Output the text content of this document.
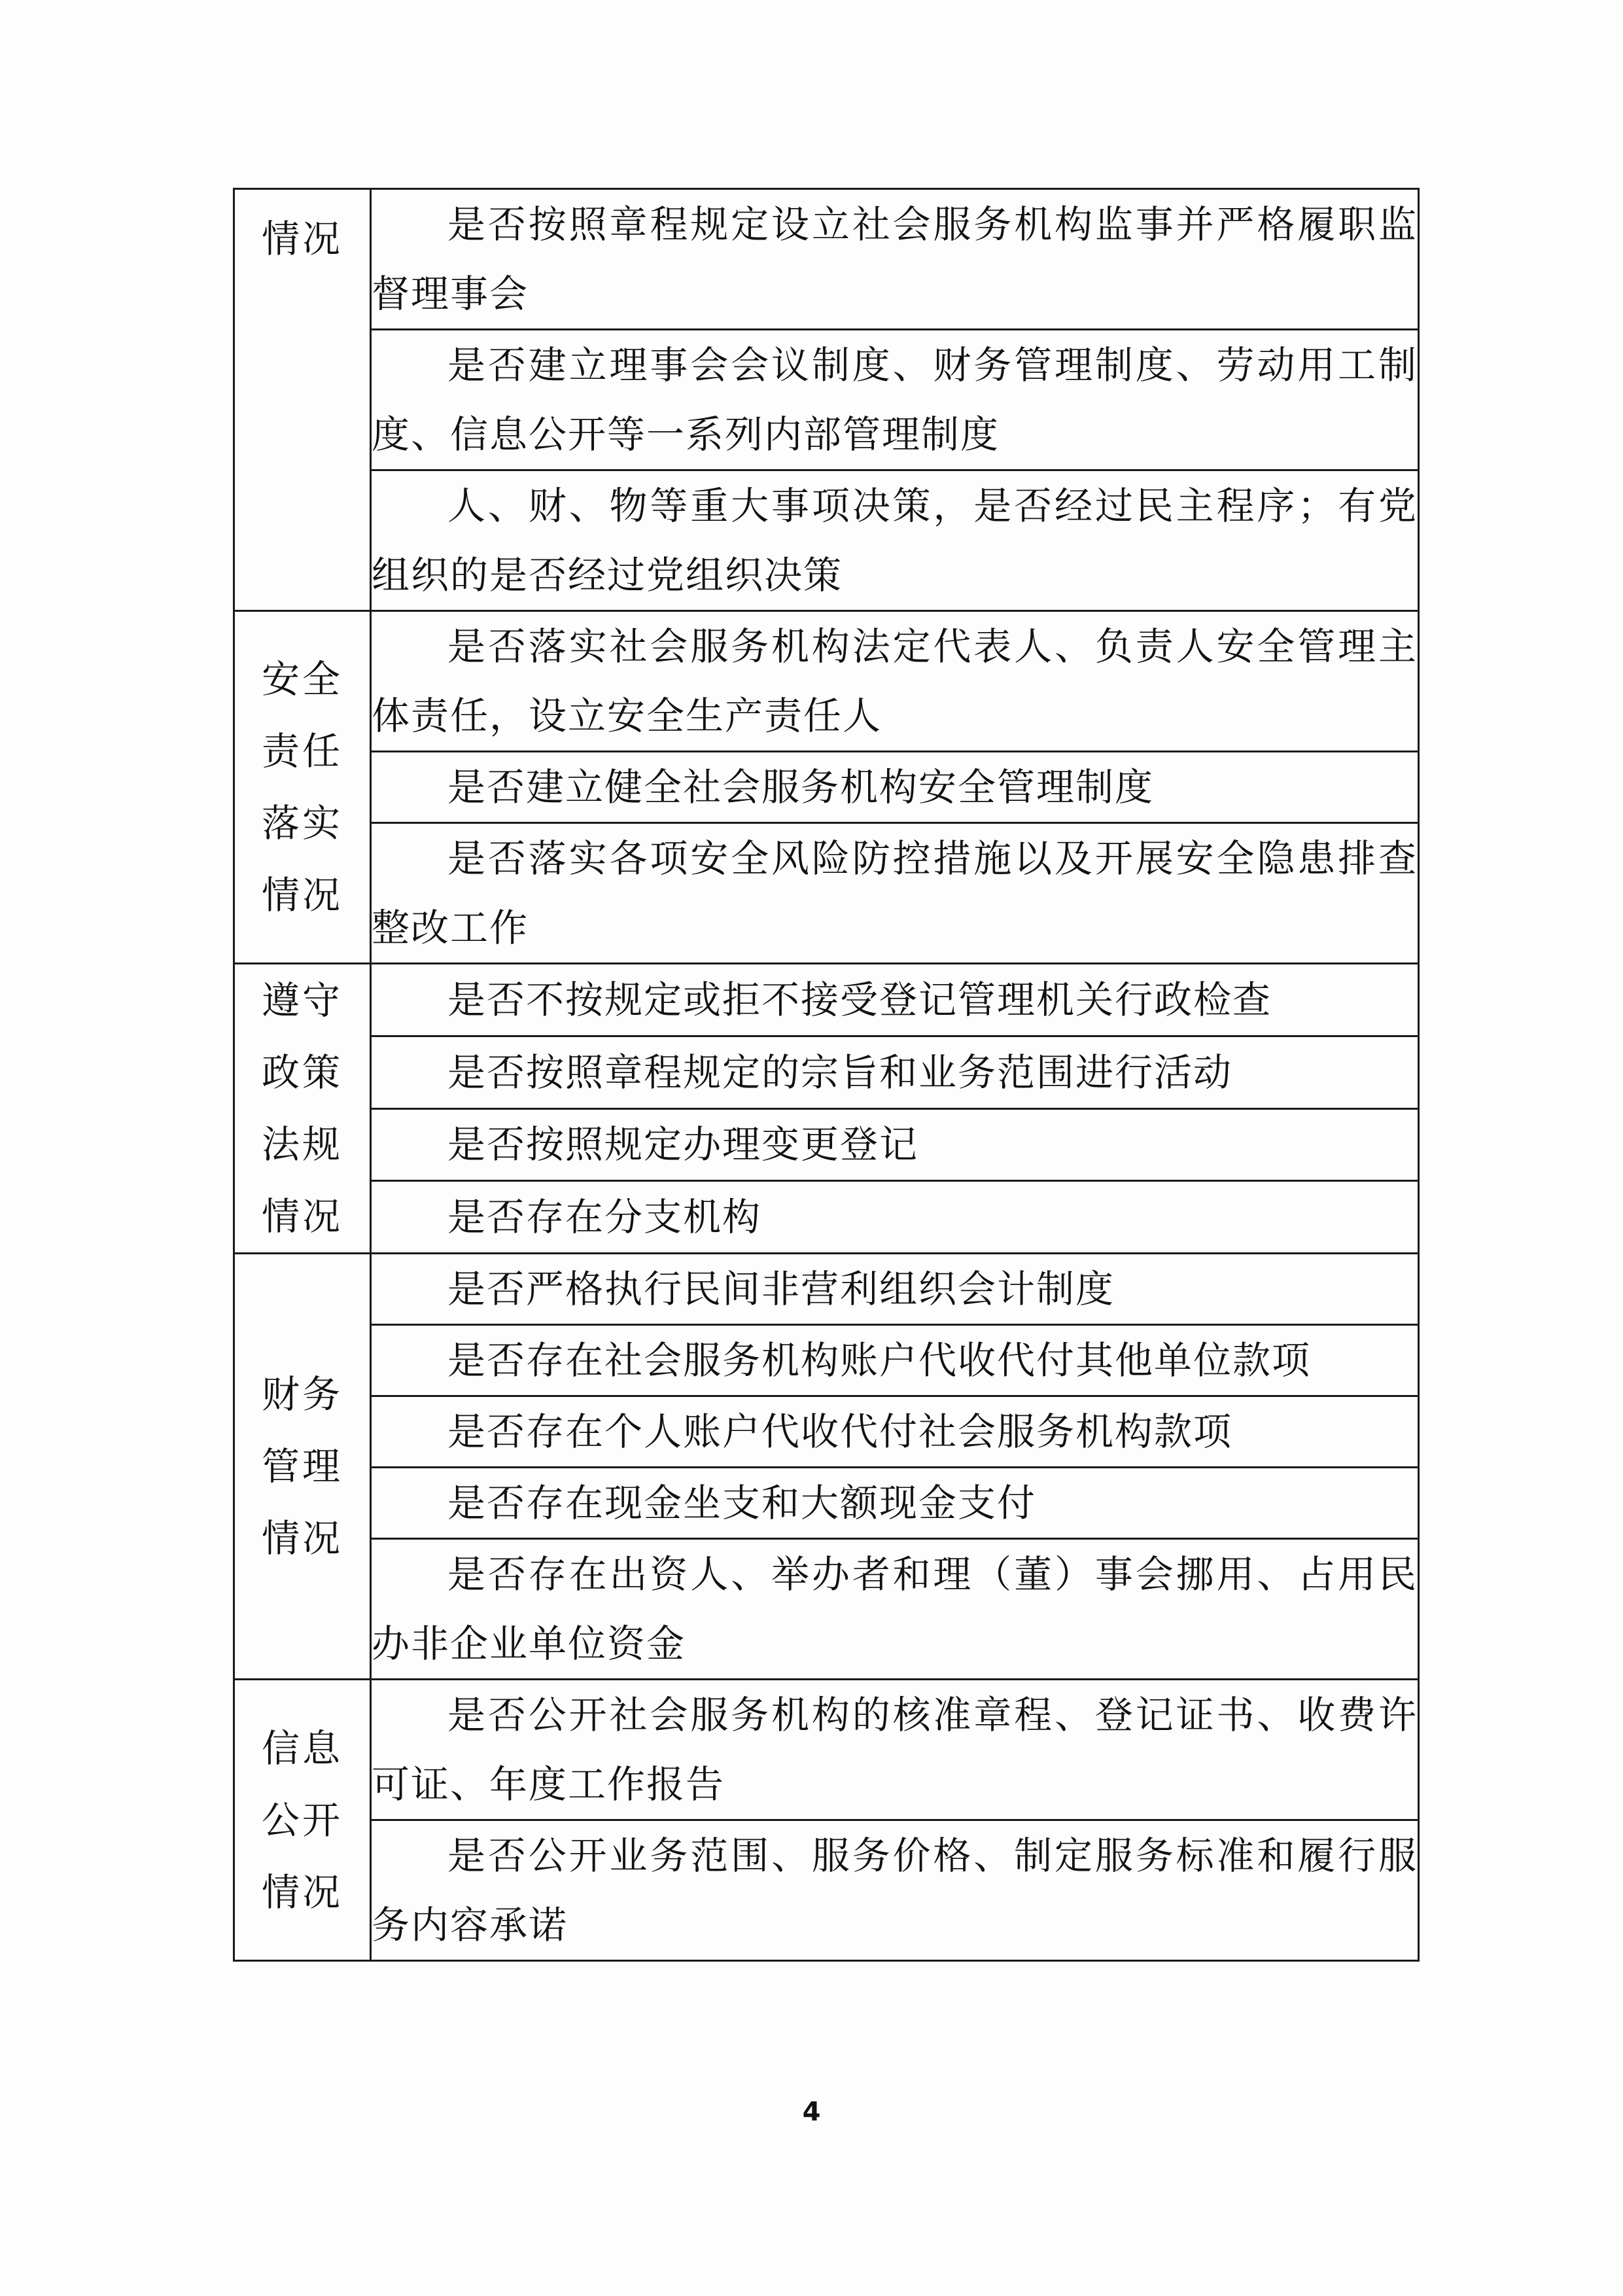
情况	是否按照章程规定设立社会服务机构监事并严格履职监督理事会
	是否建立理事会会议制度、财务管理制度、劳动用工制度、信息公开等一系列内部管理制度
	人、财、物等重大事项决策，是否经过民主程序；有党组织的是否经过党组织决策
安全责任落实情况	是否落实社会服务机构法定代表人、负责人安全管理主体责任，设立安全生产责任人
	是否建立健全社会服务机构安全管理制度
	是否落实各项安全风险防控措施以及开展安全隐患排查整改工作
遵守政策法规情况	是否不按规定或拒不接受登记管理机关行政检查
	是否按照章程规定的宗旨和业务范围进行活动
	是否按照规定办理变更登记
	是否存在分支机构
财务管理情况	是否严格执行民间非营利组织会计制度
	是否存在社会服务机构账户代收代付其他单位款项
	是否存在个人账户代收代付社会服务机构款项
	是否存在现金坐支和大额现金支付
	是否存在出资人、举办者和理（董）事会挪用、占用民办非企业单位资金
信息公开情况	是否公开社会服务机构的核准章程、登记证书、收费许可证、年度工作报告
	是否公开业务范围、服务价格、制定服务标准和履行服务内容承诺
4
